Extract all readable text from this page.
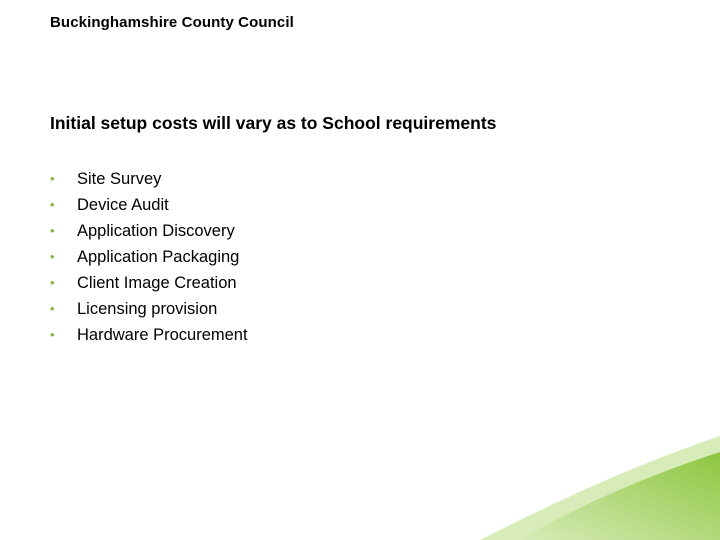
Buckinghamshire County Council
Initial setup costs will vary as to School requirements
•	Site Survey
•	Device Audit
•	Application Discovery
•	Application Packaging
•	Client Image Creation
•	Licensing provision
•	Hardware Procurement
